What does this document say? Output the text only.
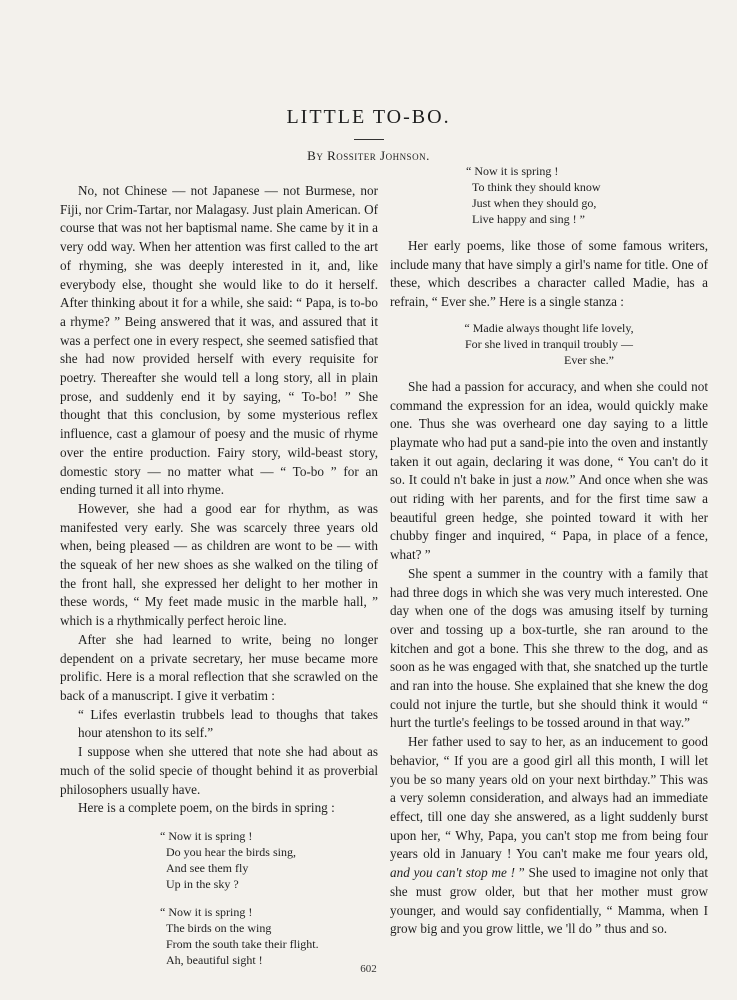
LITTLE TO-BO.
By Rossiter Johnson.

No, not Chinese — not Japanese — not Burmese, nor Fiji, nor Crim-Tartar, nor Malagasy. Just plain American. Of course that was not her baptismal name. She came by it in a very odd way. When her attention was first called to the art of rhyming, she was deeply interested in it, and, like everybody else, thought she would like to do it herself. After thinking about it for a while, she said: “ Papa, is to-bo a rhyme? ” Being answered that it was, and assured that it was a perfect one in every respect, she seemed satisfied that she had now provided herself with every requisite for poetry. Thereafter she would tell a long story, all in plain prose, and suddenly end it by saying, “ To-bo! ” She thought that this conclusion, by some mysterious reflex influence, cast a glamour of poesy and the music of rhyme over the entire production. Fairy story, wild-beast story, domestic story — no matter what — “ To-bo ” for an ending turned it all into rhyme.

However, she had a good ear for rhythm, as was manifested very early. She was scarcely three years old when, being pleased — as children are wont to be — with the squeak of her new shoes as she walked on the tiling of the front hall, she expressed her delight to her mother in these words, “ My feet made music in the marble hall, ” which is a rhythmically perfect heroic line.

After she had learned to write, being no longer dependent on a private secretary, her muse became more prolific. Here is a moral reflection that she scrawled on the back of a manuscript. I give it verbatim :

“ Lifes everlastin trubbels lead to thoughs that takes hour atenshon to its self.”

I suppose when she uttered that note she had about as much of the solid specie of thought behind it as proverbial philosophers usually have.

Here is a complete poem, on the birds in spring :

“ Now it is spring !
Do you hear the birds sing,
And see them fly
Up in the sky ?
“ Now it is spring !
The birds on the wing
From the south take their flight.
Ah, beautiful sight !
“ Now it is spring !
To think they should know
Just when they should go,
Live happy and sing ! ”

Her early poems, like those of some famous writers, include many that have simply a girl's name for title. One of these, which describes a character called Madie, has a refrain, “ Ever she.” Here is a single stanza :

“ Madie always thought life lovely,
For she lived in tranquil troubly —
Ever she.”

She had a passion for accuracy, and when she could not command the expression for an idea, would quickly make one. Thus she was overheard one day saying to a little playmate who had put a sand-pie into the oven and instantly taken it out again, declaring it was done, “ You can't do it so. It could n't bake in just a now.” And once when she was out riding with her parents, and for the first time saw a beautiful green hedge, she pointed toward it with her chubby finger and inquired, “ Papa, in place of a fence, what? ”

She spent a summer in the country with a family that had three dogs in which she was very much interested. One day when one of the dogs was amusing itself by turning over and tossing up a box-turtle, she ran around to the kitchen and got a bone. This she threw to the dog, and as soon as he was engaged with that, she snatched up the turtle and ran into the house. She explained that she knew the dog could not injure the turtle, but she should think it would “ hurt the turtle's feelings to be tossed around in that way.”

Her father used to say to her, as an inducement to good behavior, “ If you are a good girl all this month, I will let you be so many years old on your next birthday.” This was a very solemn consideration, and always had an immediate effect, till one day she answered, as a light suddenly burst upon her, “ Why, Papa, you can't stop me from being four years old in January ! You can't make me four years old, and you can't stop me ! ” She used to imagine not only that she must grow older, but that her mother must grow younger, and would say confidentially, “ Mamma, when I grow big and you grow little, we 'll do ” thus and so.

602
